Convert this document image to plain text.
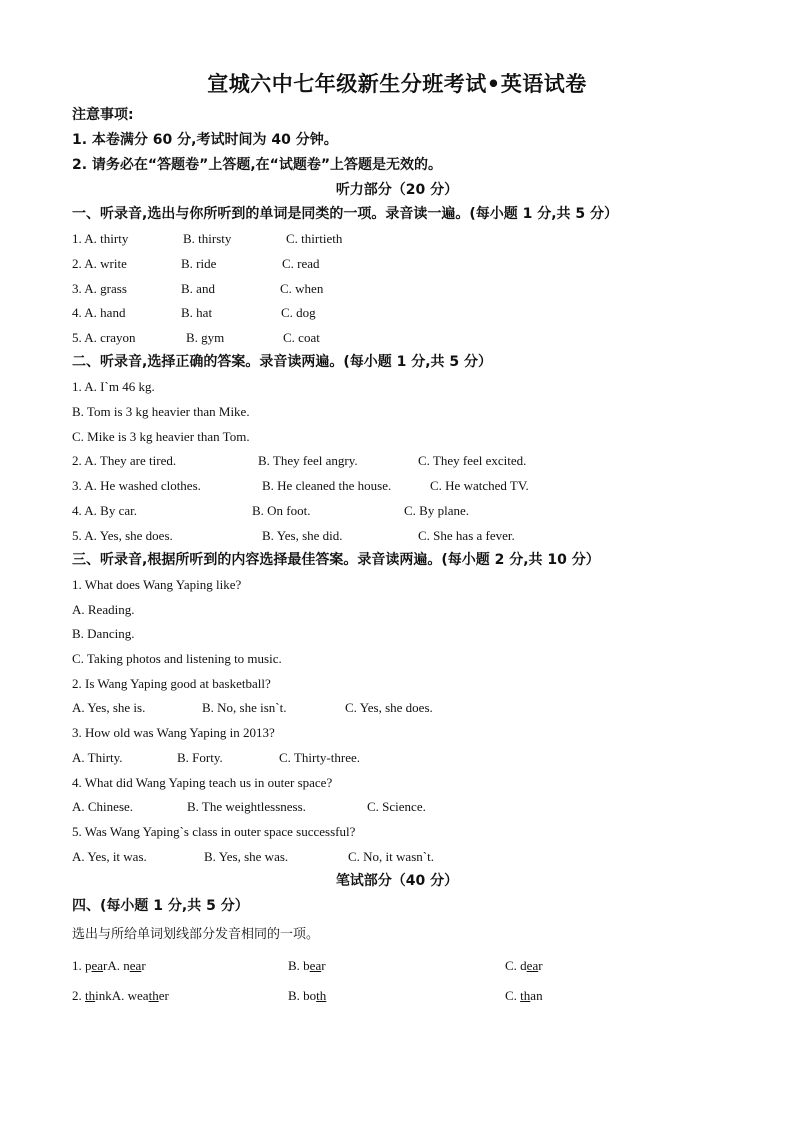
宣城六中七年级新生分班考试•英语试卷
注意事项:
1. 本卷满分 60 分,考试时间为 40 分钟。
2. 请务必在“答题卷”上答题,在“试题卷”上答题是无效的。
听力部分（20 分）
一、听录音,选出与你所听到的单词是同类的一项。录音读一遍。(每小题 1 分,共 5 分）
1. A. thirty	B. thirsty	C. thirtieth
2. A. write	B. ride	C. read
3. A. grass	B. and	C. when
4. A. hand	B. hat	C. dog
5. A. crayon	B. gym	C. coat
二、听录音,选择正确的答案。录音读两遍。(每小题 1 分,共 5 分）
1. A. I`m 46 kg.
B. Tom is 3 kg heavier than Mike.
C. Mike is 3 kg heavier than Tom.
2. A. They are tired.	B. They feel angry.	C. They feel excited.
3. A. He washed clothes.	B. He cleaned the house.	C. He watched TV.
4. A. By car.	B. On foot.	C. By plane.
5. A. Yes, she does.	B. Yes, she did.	C. She has a fever.
三、听录音,根据所听到的内容选择最佳答案。录音读两遍。(每小题 2 分,共 10 分）
1. What does Wang Yaping like?
A. Reading.
B. Dancing.
C. Taking photos and listening to music.
2. Is Wang Yaping good at basketball?
A. Yes, she is.	B. No, she isn`t.	C. Yes, she does.
3. How old was Wang Yaping in 2013?
A. Thirty.	B. Forty.	C. Thirty-three.
4. What did Wang Yaping teach us in outer space?
A. Chinese.	B. The weightlessness.	C. Science.
5. Was Wang Yaping`s class in outer space successful?
A. Yes, it was.	B. Yes, she was.	C. No, it wasn`t.
笔试部分（40 分）
四、(每小题 1 分,共 5 分）
选出与所给单词划线部分发音相同的一项。
1. pearA. near	B. bear	C. dear
2. thinkA. weather	B. both	C. than
